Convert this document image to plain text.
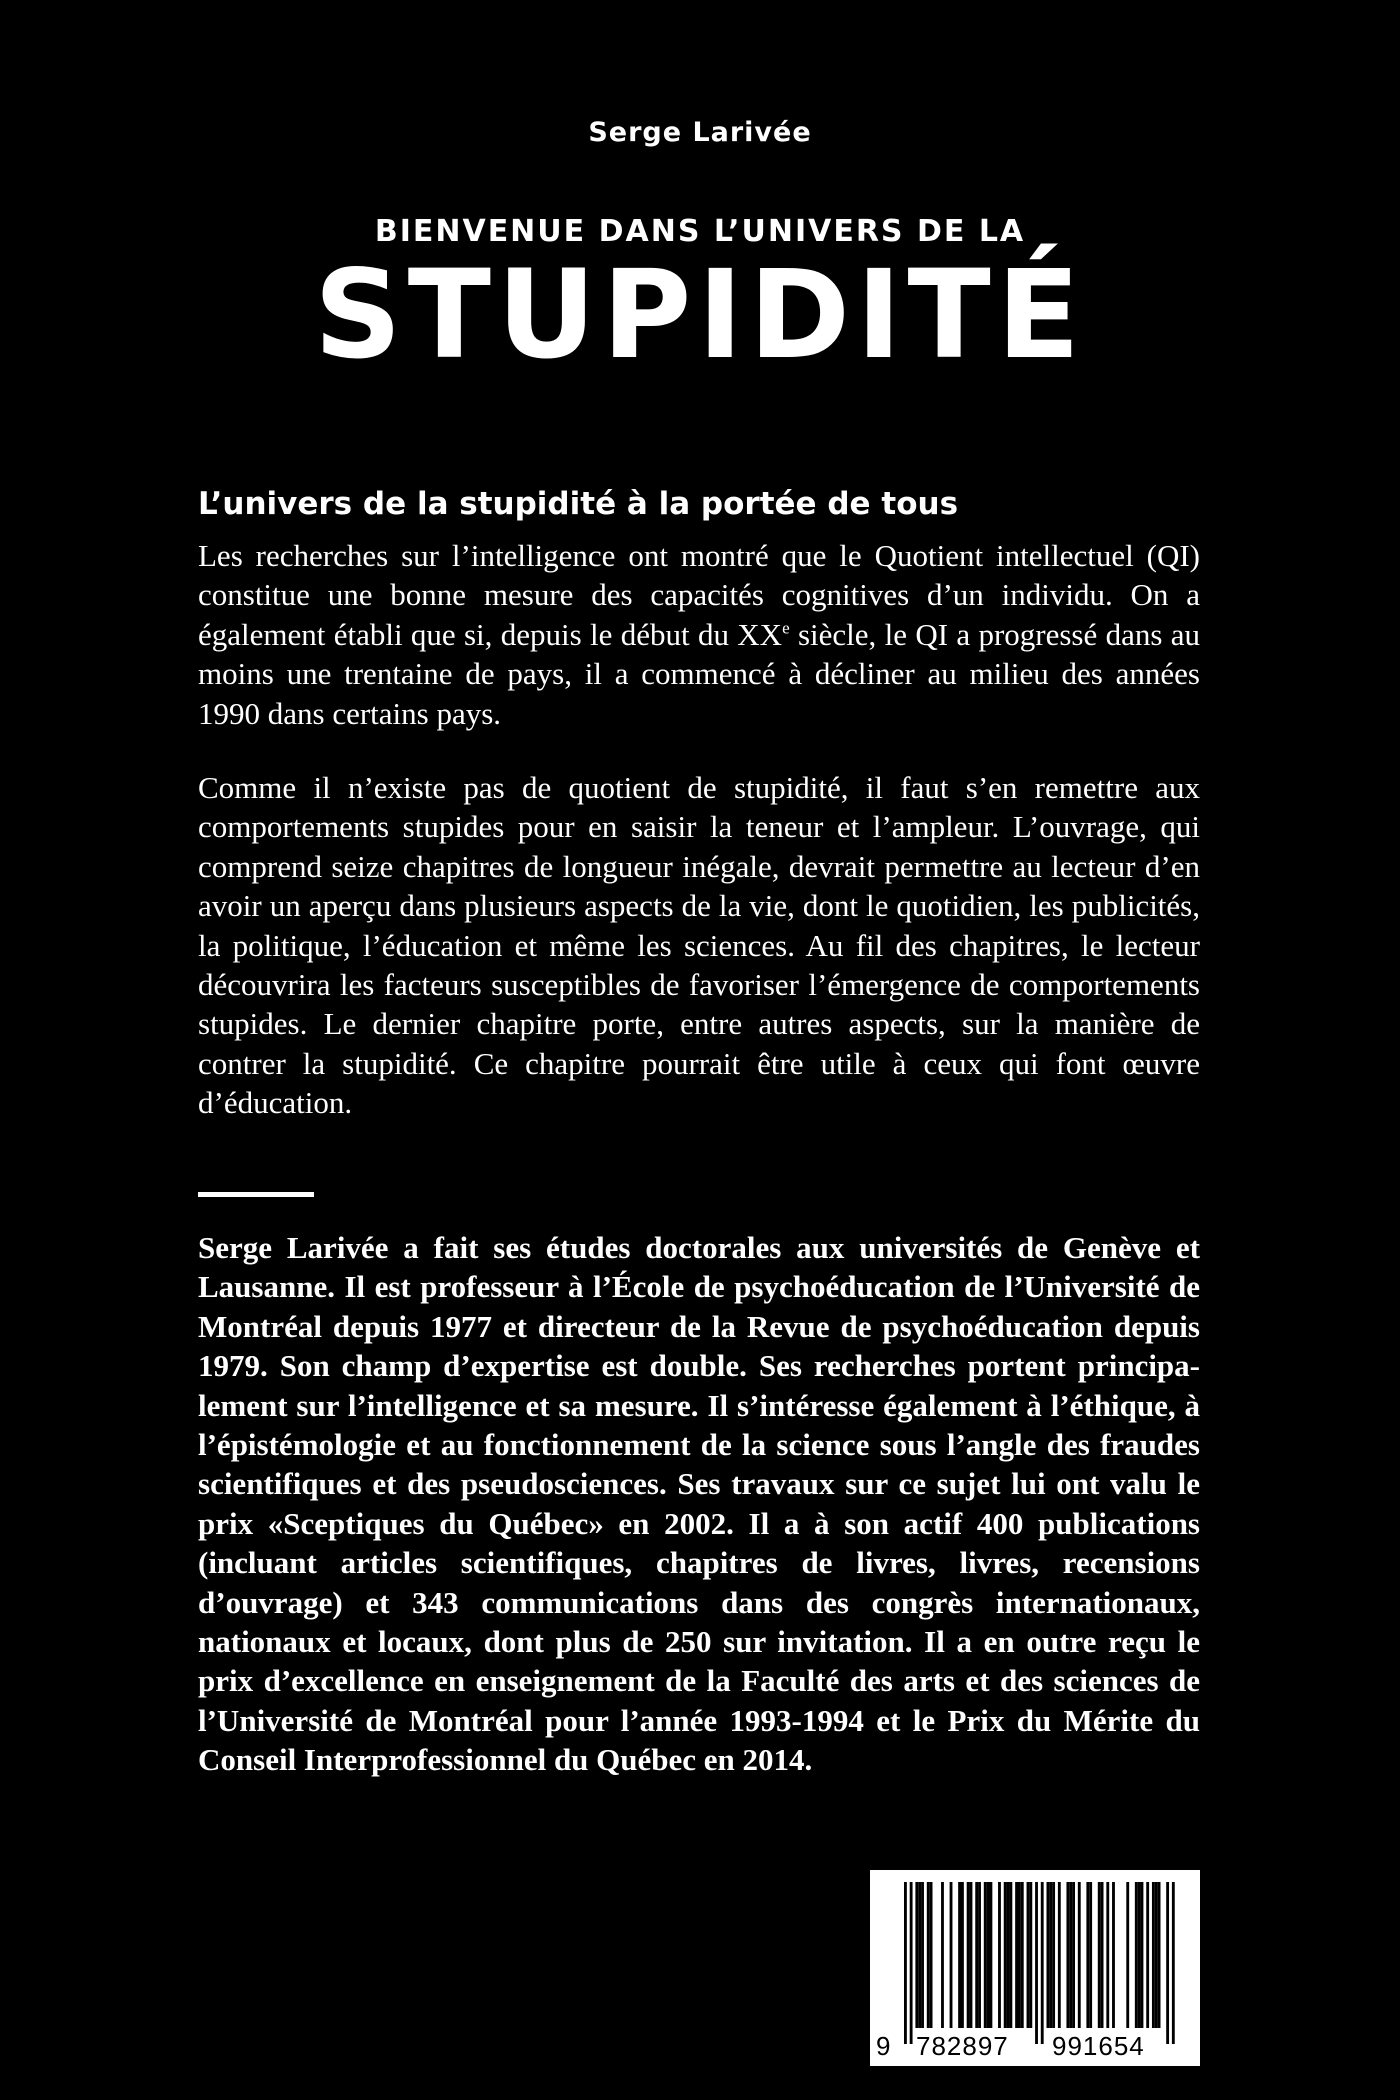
Serge Larivée
BIENVENUE DANS L’UNIVERS DE LA
STUPIDITÉ
L’univers de la stupidité à la portée de tous

Les recherches sur l’intelligence ont montré que le Quotient intellectuel (QI) constitue une bonne mesure des capacités cognitives d’un individu. On a également établi que si, depuis le début du XXe siècle, le QI a progressé dans au moins une trentaine de pays, il a commencé à décliner au milieu des années 1990 dans certains pays.

Comme il n’existe pas de quotient de stupidité, il faut s’en remettre aux comportements stupides pour en saisir la teneur et l’ampleur. L’ouvrage, qui comprend seize chapitres de longueur inégale, devrait permettre au lecteur d’en avoir un aperçu dans plusieurs aspects de la vie, dont le quotidien, les publicités, la politique, l’éducation et même les sciences. Au fil des chapitres, le lecteur découvrira les facteurs susceptibles de favoriser l’émergence de comportements stupides. Le dernier chapitre porte, entre autres aspects, sur la manière de contrer la stupidité. Ce chapitre pourrait être utile à ceux qui font œuvre d’éducation.

Serge Larivée a fait ses études doctorales aux universités de Genève et Lausanne. Il est professeur à l’École de psychoéducation de l’Université de Montréal depuis 1977 et directeur de la Revue de psychoéducation depuis 1979. Son champ d’expertise est double. Ses recherches portent principalement sur l’intelligence et sa mesure. Il s’intéresse également à l’éthique, à l’épistémologie et au fonctionnement de la science sous l’angle des fraudes scientifiques et des pseudosciences. Ses travaux sur ce sujet lui ont valu le prix «Sceptiques du Québec» en 2002. Il a à son actif 400 publications (incluant articles scientifiques, chapitres de livres, livres, recensions d’ouvrage) et 343 communications dans des congrès internationaux, nationaux et locaux, dont plus de 250 sur invitation. Il a en outre reçu le prix d’excellence en enseignement de la Faculté des arts et des sciences de l’Université de Montréal pour l’année 1993-1994 et le Prix du Mérite du Conseil Interprofessionnel du Québec en 2014.

9 782897 991654
